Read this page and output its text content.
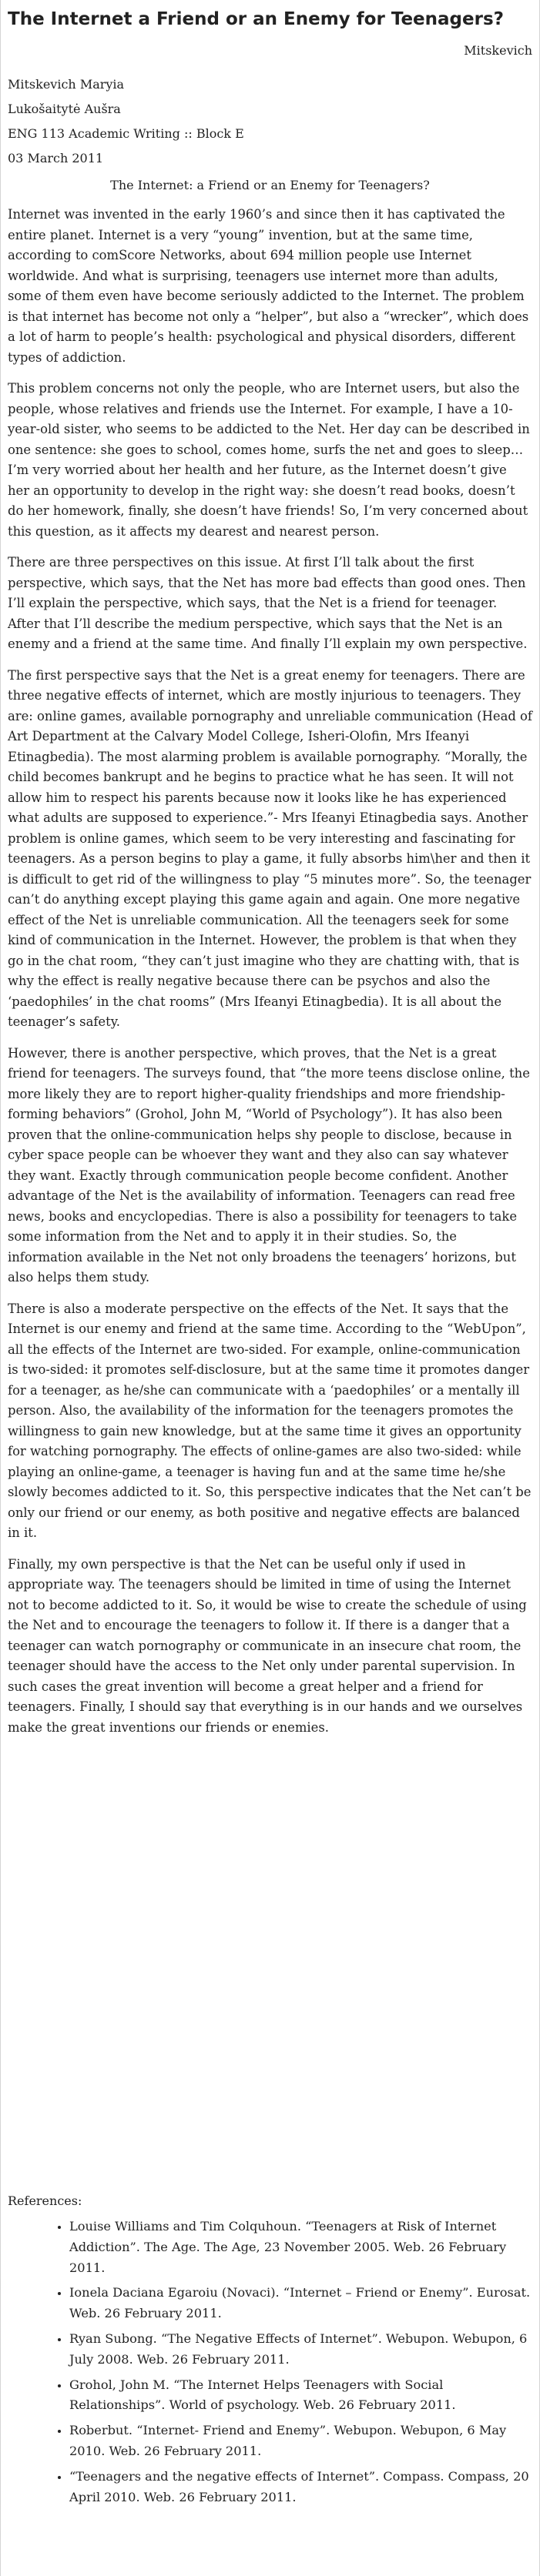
The Internet a Friend or an Enemy for Teenagers?
Mitskevich
Mitskevich Maryia
Lukošaitytė Aušra
ENG 113 Academic Writing :: Block E
03 March 2011
The Internet: a Friend or an Enemy for Teenagers?

Internet was invented in the early 1960’s and since then it has captivated the entire planet. Internet is a very “young” invention, but at the same time, according to comScore Networks, about 694 million people use Internet worldwide. And what is surprising, teenagers use internet more than adults, some of them even have become seriously addicted to the Internet. The problem is that internet has become not only a “helper”, but also a “wrecker”, which does a lot of harm to people’s health: psychological and physical disorders, different types of addiction.

This problem concerns not only the people, who are Internet users, but also the people, whose relatives and friends use the Internet. For example, I have a 10-year-old sister, who seems to be addicted to the Net. Her day can be described in one sentence: she goes to school, comes home, surfs the net and goes to sleep… I’m very worried about her health and her future, as the Internet doesn’t give her an opportunity to develop in the right way: she doesn’t read books, doesn’t do her homework, finally, she doesn’t have friends! So, I’m very concerned about this question, as it affects my dearest and nearest person.

There are three perspectives on this issue. At first I’ll talk about the first perspective, which says, that the Net has more bad effects than good ones. Then I’ll explain the perspective, which says, that the Net is a friend for teenager. After that I’ll describe the medium perspective, which says that the Net is an enemy and a friend at the same time. And finally I’ll explain my own perspective.

The first perspective says that the Net is a great enemy for teenagers. There are three negative effects of internet, which are mostly injurious to teenagers. They are: online games, available pornography and unreliable communication (Head of Art Department at the Calvary Model College, Isheri-Olofin, Mrs Ifeanyi Etinagbedia). The most alarming problem is available pornography. “Morally, the child becomes bankrupt and he begins to practice what he has seen. It will not allow him to respect his parents because now it looks like he has experienced what adults are supposed to experience.”- Mrs Ifeanyi Etinagbedia says. Another problem is online games, which seem to be very interesting and fascinating for teenagers. As a person begins to play a game, it fully absorbs him\her and then it is difficult to get rid of the willingness to play “5 minutes more”. So, the teenager can’t do anything except playing this game again and again. One more negative effect of the Net is unreliable communication. All the teenagers seek for some kind of communication in the Internet. However, the problem is that when they go in the chat room, “they can’t just imagine who they are chatting with, that is why the effect is really negative because there can be psychos and also the ‘paedophiles’ in the chat rooms” (Mrs Ifeanyi Etinagbedia). It is all about the teenager’s safety.

However, there is another perspective, which proves, that the Net is a great friend for teenagers. The surveys found, that “the more teens disclose online, the more likely they are to report higher-quality friendships and more friendship-forming behaviors” (Grohol, John M, “World of Psychology”). It has also been proven that the online-communication helps shy people to disclose, because in cyber space people can be whoever they want and they also can say whatever they want. Exactly through communication people become confident. Another advantage of the Net is the availability of information. Teenagers can read free news, books and encyclopedias. There is also a possibility for teenagers to take some information from the Net and to apply it in their studies. So, the information available in the Net not only broadens the teenagers’ horizons, but also helps them study.

There is also a moderate perspective on the effects of the Net. It says that the Internet is our enemy and friend at the same time. According to the “WebUpon”, all the effects of the Internet are two-sided. For example, online-communication is two-sided: it promotes self-disclosure, but at the same time it promotes danger for a teenager, as he/she can communicate with a ‘paedophiles’ or a mentally ill person. Also, the availability of the information for the teenagers promotes the willingness to gain new knowledge, but at the same time it gives an opportunity for watching pornography. The effects of online-games are also two-sided: while playing an online-game, a teenager is having fun and at the same time he/she slowly becomes addicted to it. So, this perspective indicates that the Net can’t be only our friend or our enemy, as both positive and negative effects are balanced in it.

Finally, my own perspective is that the Net can be useful only if used in appropriate way. The teenagers should be limited in time of using the Internet not to become addicted to it. So, it would be wise to create the schedule of using the Net and to encourage the teenagers to follow it. If there is a danger that a teenager can watch pornography or communicate in an insecure chat room, the teenager should have the access to the Net only under parental supervision. In such cases the great invention will become a great helper and a friend for teenagers. Finally, I should say that everything is in our hands and we ourselves make the great inventions our friends or enemies.

References:
• Louise Williams and Tim Colquhoun. “Teenagers at Risk of Internet Addiction”. The Age. The Age, 23 November 2005. Web. 26 February 2011.
• Ionela Daciana Egaroiu (Novaci). “Internet – Friend or Enemy”. Eurosat. Web. 26 February 2011.
• Ryan Subong. “The Negative Effects of Internet”. Webupon. Webupon, 6 July 2008. Web. 26 February 2011.
• Grohol, John M. “The Internet Helps Teenagers with Social Relationships”. World of psychology. Web. 26 February 2011.
• Roberbut. “Internet- Friend and Enemy”. Webupon. Webupon, 6 May 2010. Web. 26 February 2011.
• “Teenagers and the negative effects of Internet”. Compass. Compass, 20 April 2010. Web. 26 February 2011.
